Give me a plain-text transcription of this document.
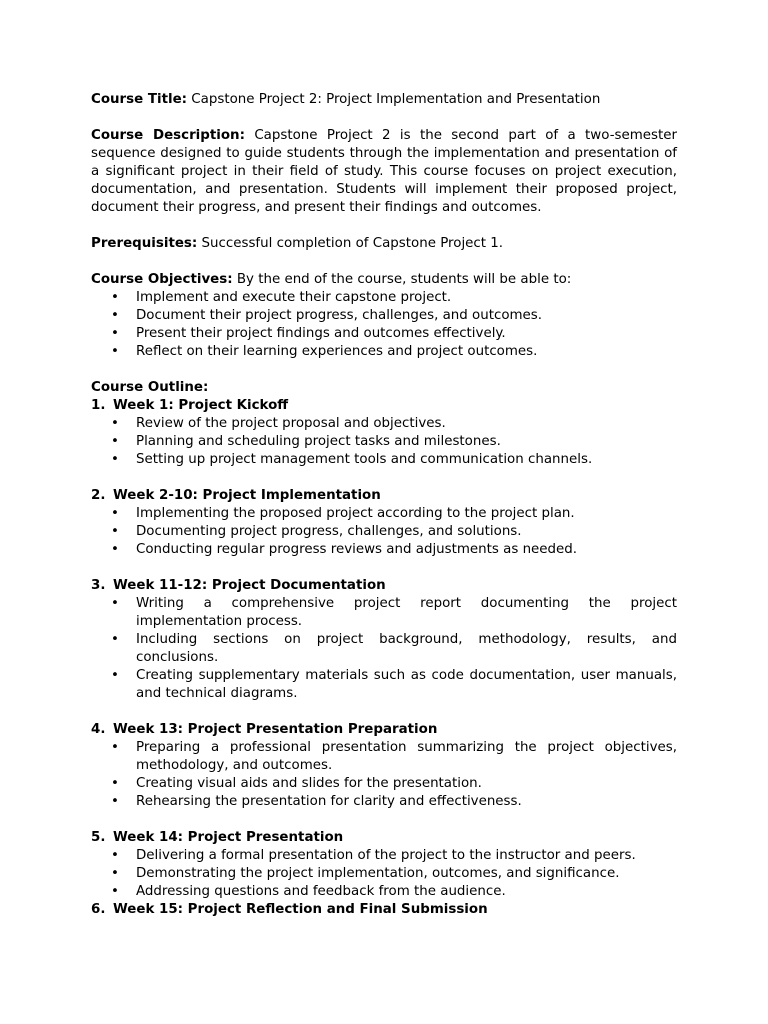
Course Title: Capstone Project 2: Project Implementation and Presentation

Course Description: Capstone Project 2 is the second part of a two-semester sequence designed to guide students through the implementation and presentation of a significant project in their field of study. This course focuses on project execution, documentation, and presentation. Students will implement their proposed project, document their progress, and present their findings and outcomes.

Prerequisites: Successful completion of Capstone Project 1.

Course Objectives: By the end of the course, students will be able to:

• Implement and execute their capstone project.
• Document their project progress, challenges, and outcomes.
• Present their project findings and outcomes effectively.
• Reflect on their learning experiences and project outcomes.

Course Outline:

1. Week 1: Project Kickoff

• Review of the project proposal and objectives.
• Planning and scheduling project tasks and milestones.
• Setting up project management tools and communication channels.

2. Week 2-10: Project Implementation

• Implementing the proposed project according to the project plan.
• Documenting project progress, challenges, and solutions.
• Conducting regular progress reviews and adjustments as needed.

3. Week 11-12: Project Documentation

• Writing a comprehensive project report documenting the project implementation process.
• Including sections on project background, methodology, results, and conclusions.
• Creating supplementary materials such as code documentation, user manuals, and technical diagrams.

4. Week 13: Project Presentation Preparation

• Preparing a professional presentation summarizing the project objectives, methodology, and outcomes.
• Creating visual aids and slides for the presentation.
• Rehearsing the presentation for clarity and effectiveness.

5. Week 14: Project Presentation

• Delivering a formal presentation of the project to the instructor and peers.
• Demonstrating the project implementation, outcomes, and significance.
• Addressing questions and feedback from the audience.

6. Week 15: Project Reflection and Final Submission
